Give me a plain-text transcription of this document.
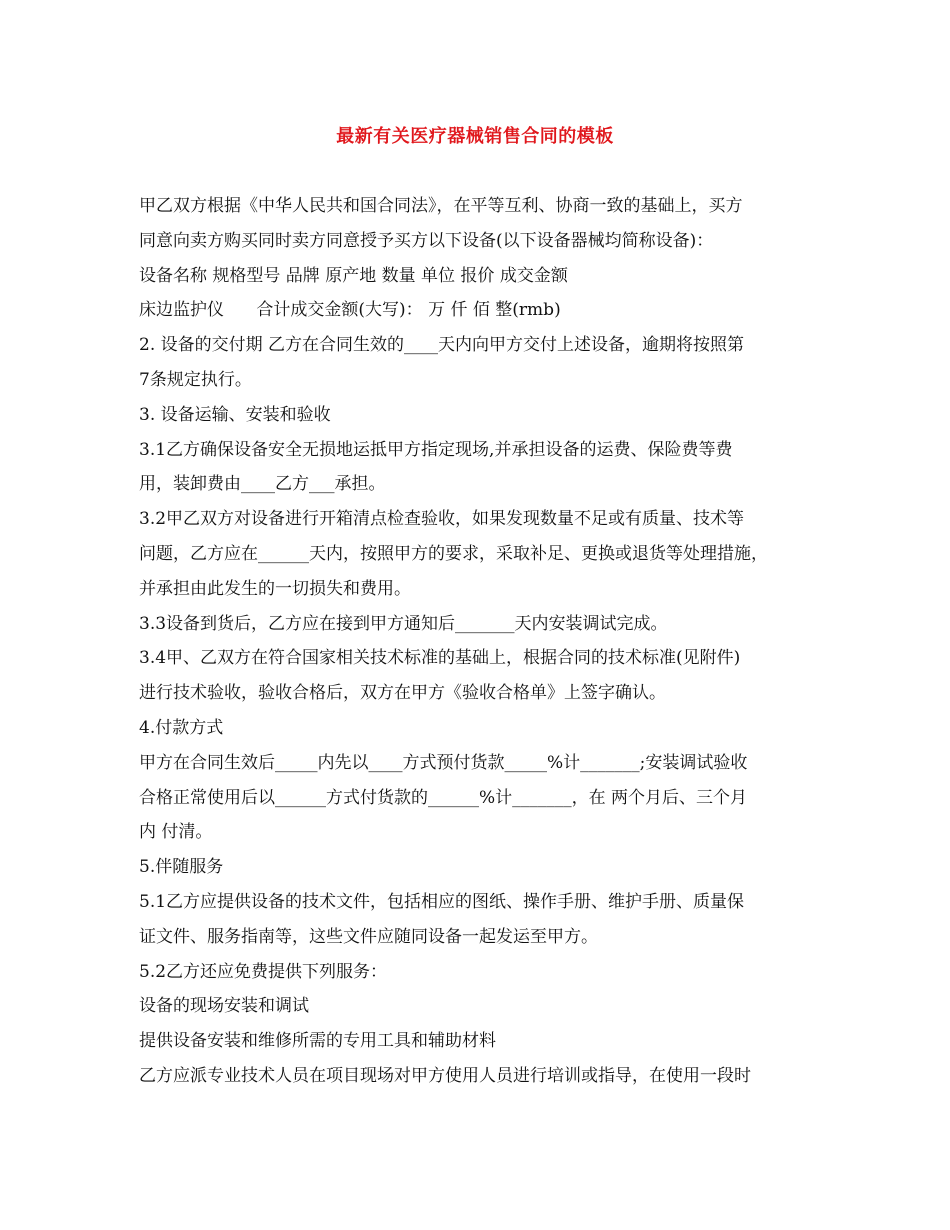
最新有关医疗器械销售合同的模板
甲乙双方根据《中华人民共和国合同法》，在平等互利、协商一致的基础上，买方
同意向卖方购买同时卖方同意授予买方以下设备(以下设备器械均简称设备)：
设备名称 规格型号 品牌 原产地 数量 单位 报价 成交金额
床边监护仪      合计成交金额(大写)： 万 仟 佰 整(rmb)
2. 设备的交付期 乙方在合同生效的____天内向甲方交付上述设备，逾期将按照第
7条规定执行。
3. 设备运输、安装和验收
3.1乙方确保设备安全无损地运抵甲方指定现场,并承担设备的运费、保险费等费
用，装卸费由____乙方___承担。
3.2甲乙双方对设备进行开箱清点检查验收，如果发现数量不足或有质量、技术等
问题，乙方应在______天内，按照甲方的要求，采取补足、更换或退货等处理措施，
并承担由此发生的一切损失和费用。
3.3设备到货后，乙方应在接到甲方通知后_______天内安装调试完成。
3.4甲、乙双方在符合国家相关技术标准的基础上，根据合同的技术标准(见附件)
进行技术验收，验收合格后，双方在甲方《验收合格单》上签字确认。
4.付款方式
甲方在合同生效后_____内先以____方式预付货款_____%计_______;安装调试验收
合格正常使用后以______方式付货款的______%计_______，在 两个月后、三个月
内 付清。
5.伴随服务
5.1乙方应提供设备的技术文件，包括相应的图纸、操作手册、维护手册、质量保
证文件、服务指南等，这些文件应随同设备一起发运至甲方。
5.2乙方还应免费提供下列服务：
设备的现场安装和调试
提供设备安装和维修所需的专用工具和辅助材料
乙方应派专业技术人员在项目现场对甲方使用人员进行培训或指导，在使用一段时
